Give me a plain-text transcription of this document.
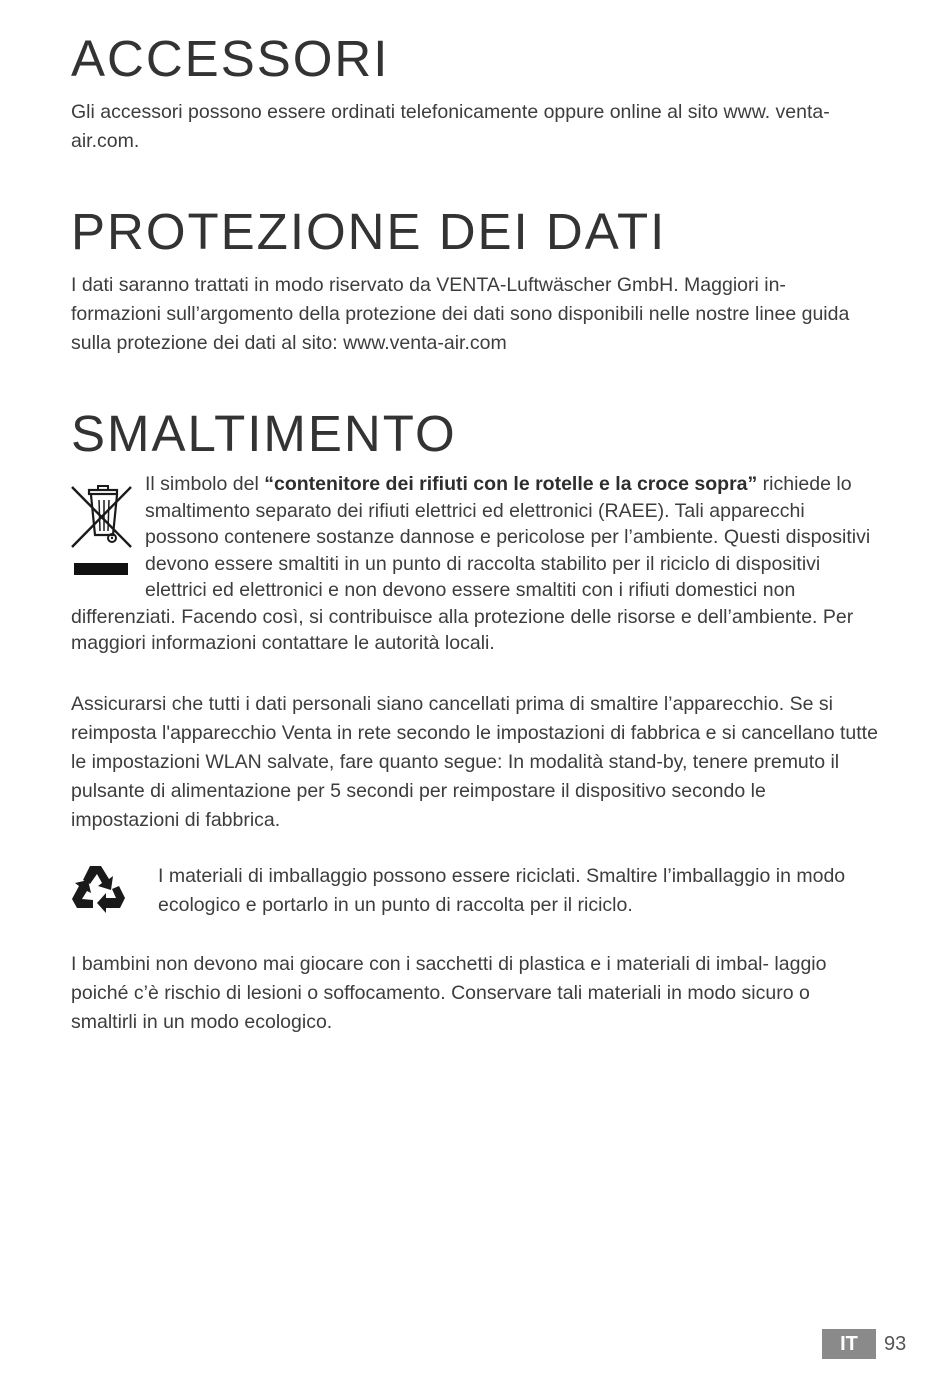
ACCESSORI

Gli accessori possono essere ordinati telefonicamente oppure online al sito www. venta-air.com.

PROTEZIONE DEI DATI

I dati saranno trattati in modo riservato da VENTA-Luftwäscher GmbH. Maggiori in- formazioni sull’argomento della protezione dei dati sono disponibili nelle nostre linee guida sulla protezione dei dati al sito: www.venta-air.com

SMALTIMENTO

Il simbolo del “contenitore dei rifiuti con le rotelle e la croce sopra” richiede lo smaltimento separato dei rifiuti elettrici ed elettronici (RAEE). Tali apparecchi possono contenere sostanze dannose e pericolose per l’ambiente. Questi dispositivi devono essere smaltiti in un punto di raccolta stabilito per il riciclo di dispositivi elettrici ed elettronici e non devono essere smaltiti con i rifiuti domestici non differenziati. Facendo così, si contribuisce alla protezione delle risorse e dell’ambiente. Per maggiori informazioni contattare le autorità locali.

Assicurarsi che tutti i dati personali siano cancellati prima di smaltire l’apparecchio. Se si reimposta l'apparecchio Venta in rete secondo le impostazioni di fabbrica e si cancellano tutte le impostazioni WLAN salvate, fare quanto segue: In modalità stand-by, tenere premuto il pulsante di alimentazione per 5 secondi per reimpostare il dispositivo secondo le impostazioni di fabbrica.

I materiali di imballaggio possono essere riciclati. Smaltire l’imballaggio in modo ecologico e portarlo in un punto di raccolta per il riciclo.

I bambini non devono mai giocare con i sacchetti di plastica e i materiali di imbal- laggio poiché c’è rischio di lesioni o soffocamento. Conservare tali materiali in modo sicuro o smaltirli in un modo ecologico.

IT	93
